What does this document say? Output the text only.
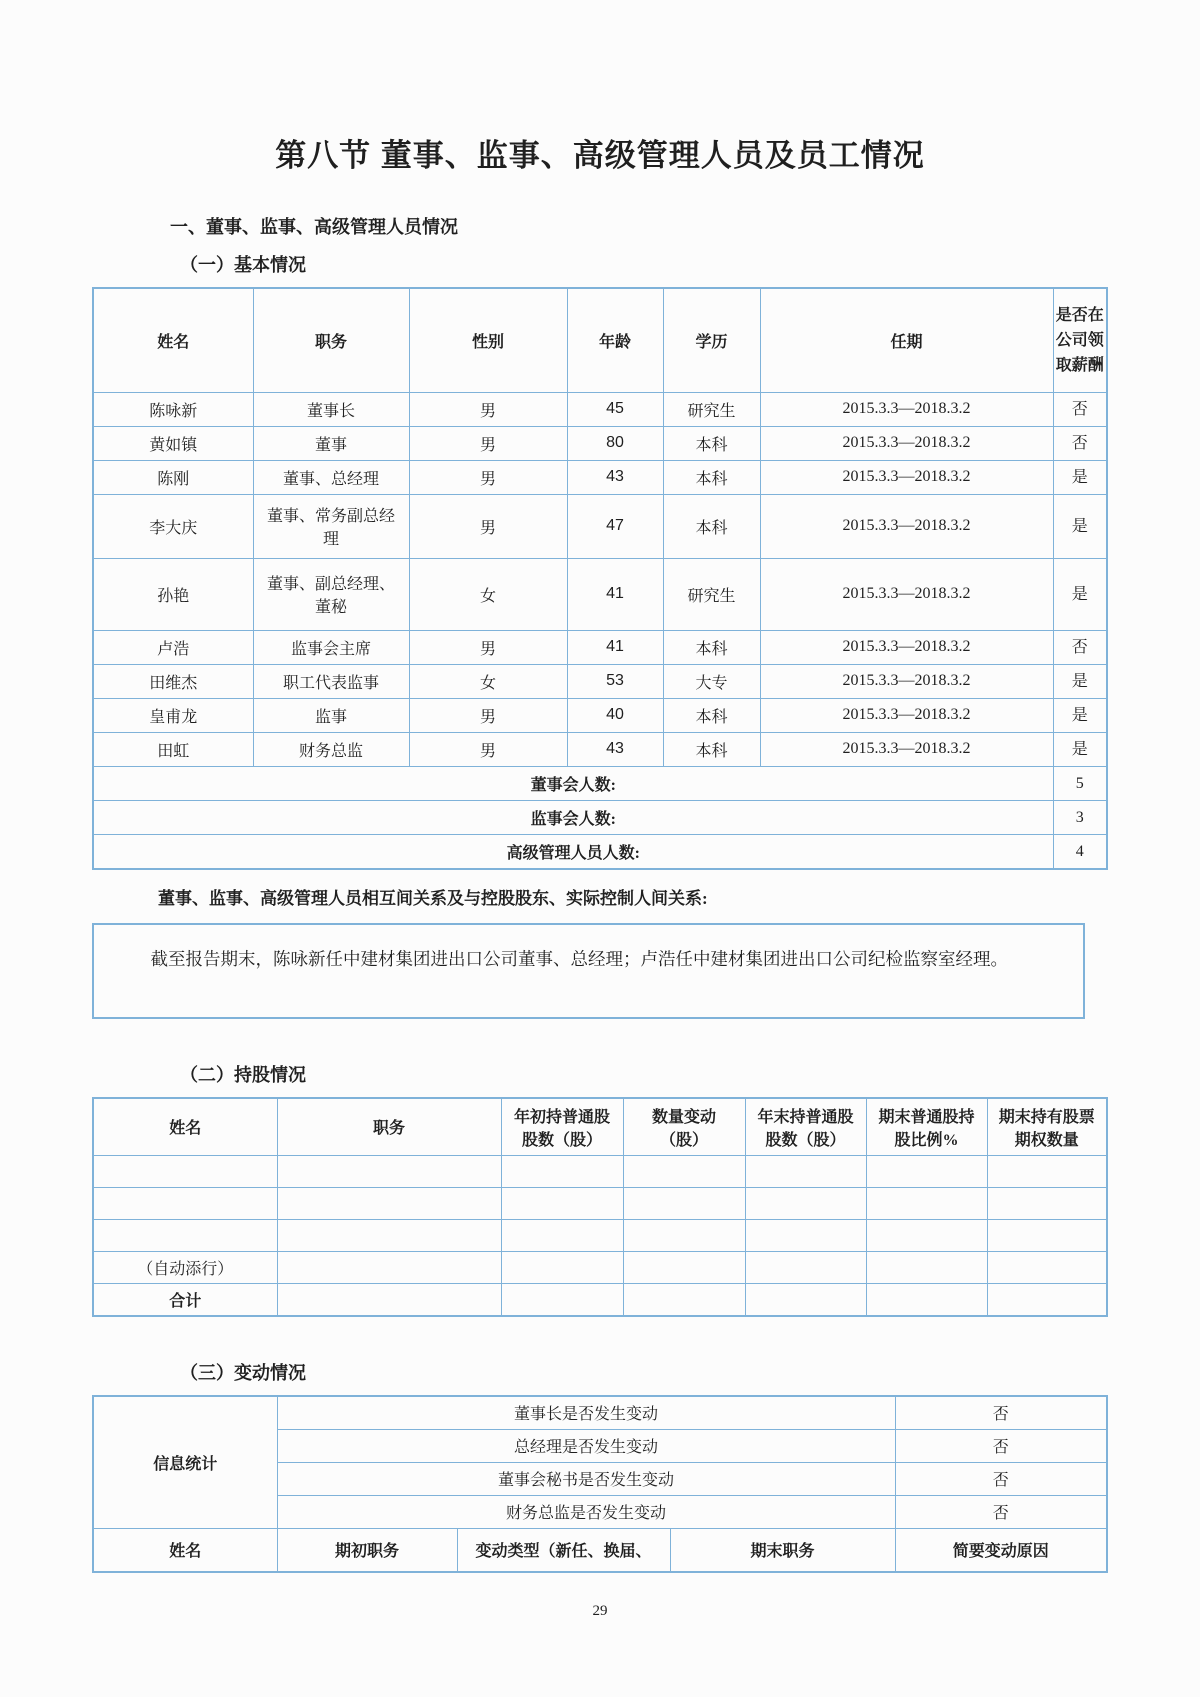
第八节 董事、监事、高级管理人员及员工情况
一、董事、监事、高级管理人员情况
（一）基本情况
姓名	职务	性别	年龄	学历	任期	是否在公司领取薪酬
陈咏新	董事长	男	45	研究生	2015.3.3—2018.3.2	否
黄如镇	董事	男	80	本科	2015.3.3—2018.3.2	否
陈刚	董事、总经理	男	43	本科	2015.3.3—2018.3.2	是
李大庆	董事、常务副总经理	男	47	本科	2015.3.3—2018.3.2	是
孙艳	董事、副总经理、董秘	女	41	研究生	2015.3.3—2018.3.2	是
卢浩	监事会主席	男	41	本科	2015.3.3—2018.3.2	否
田维杰	职工代表监事	女	53	大专	2015.3.3—2018.3.2	是
皇甫龙	监事	男	40	本科	2015.3.3—2018.3.2	是
田虹	财务总监	男	43	本科	2015.3.3—2018.3.2	是
董事会人数:						5
监事会人数:						3
高级管理人员人数:						4
董事、监事、高级管理人员相互间关系及与控股股东、实际控制人间关系:
截至报告期末，陈咏新任中建材集团进出口公司董事、总经理；卢浩任中建材集团进出口公司纪检监察室经理。
（二）持股情况
姓名	职务	年初持普通股股数（股）	数量变动（股）	年末持普通股股数（股）	期末普通股持股比例%	期末持有股票期权数量

（自动添行）						
合计						
（三）变动情况
信息统计	董事长是否发生变动			否
	总经理是否发生变动			否
	董事会秘书是否发生变动			否
	财务总监是否发生变动			否
姓名	期初职务	变动类型（新任、换届、	期末职务	简要变动原因
29
